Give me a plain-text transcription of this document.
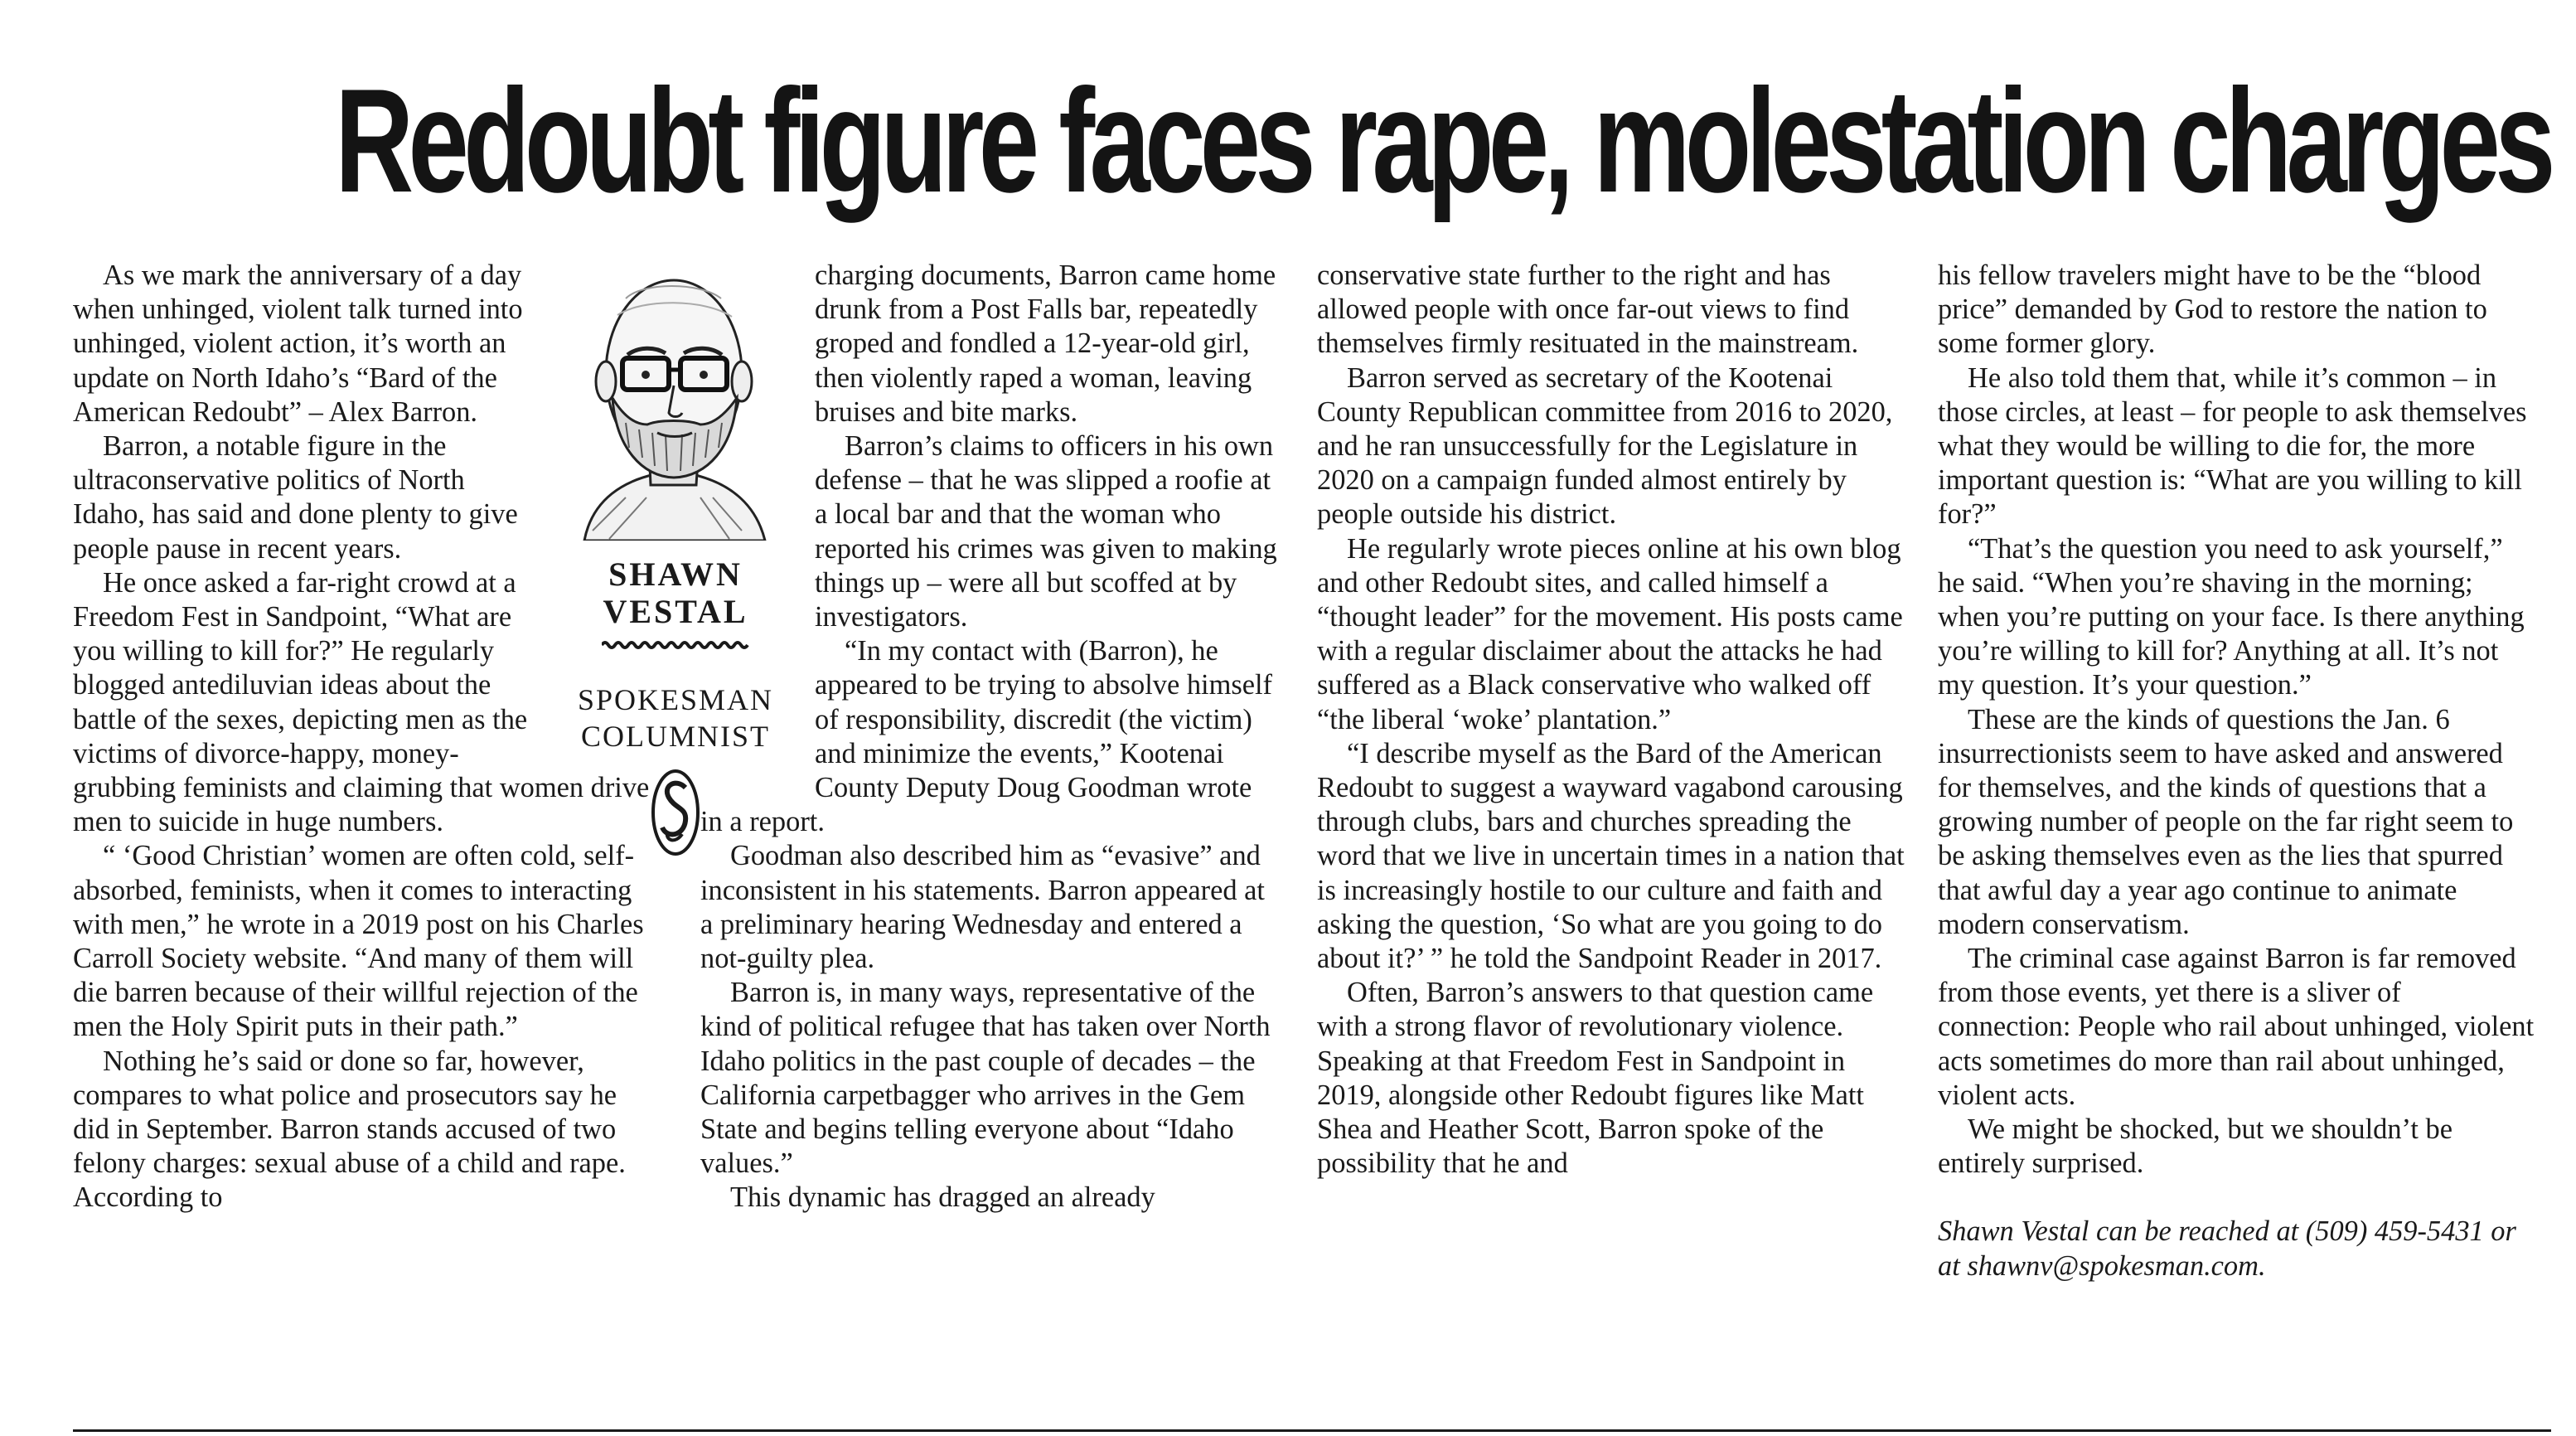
Redoubt figure faces rape, molestation charges
SHAWN
VESTAL
SPOKESMAN
COLUMNIST

As we mark the anniversary of a day when unhinged, violent talk turned into unhinged, violent action, it’s worth an update on North Idaho’s “Bard of the American Redoubt” – Alex Barron.

Barron, a notable figure in the ultraconservative politics of North Idaho, has said and done plenty to give people pause in recent years.

He once asked a far-right crowd at a Freedom Fest in Sandpoint, “What are you willing to kill for?” He regularly blogged antediluvian ideas about the battle of the sexes, depicting men as the victims of divorce-happy, money-grubbing feminists and claiming that women drive men to suicide in huge numbers.

“ ‘Good Christian’ women are often cold, self-absorbed, feminists, when it comes to interacting with men,” he wrote in a 2019 post on his Charles Carroll Society website. “And many of them will die barren because of their willful rejection of the men the Holy Spirit puts in their path.”

Nothing he’s said or done so far, however, compares to what police and prosecutors say he did in September. Barron stands accused of two felony charges: sexual abuse of a child and rape. According to

charging documents, Barron came home drunk from a Post Falls bar, repeatedly groped and fondled a 12-year-old girl, then violently raped a woman, leaving bruises and bite marks.

Barron’s claims to officers in his own defense – that he was slipped a roofie at a local bar and that the woman who reported his crimes was given to making things up – were all but scoffed at by investigators.

“In my contact with (Barron), he appeared to be trying to absolve himself of responsibility, discredit (the victim) and minimize the events,” Kootenai County Deputy Doug Goodman wrote in a report.

Goodman also described him as “evasive” and inconsistent in his statements. Barron appeared at a preliminary hearing Wednesday and entered a not-guilty plea.

Barron is, in many ways, representative of the kind of political refugee that has taken over North Idaho politics in the past couple of decades – the California carpetbagger who arrives in the Gem State and begins telling everyone about “Idaho values.”

This dynamic has dragged an already

conservative state further to the right and has allowed people with once far-out views to find themselves firmly resituated in the mainstream.

Barron served as secretary of the Kootenai County Republican committee from 2016 to 2020, and he ran unsuccessfully for the Legislature in 2020 on a campaign funded almost entirely by people outside his district.

He regularly wrote pieces online at his own blog and other Redoubt sites, and called himself a “thought leader” for the movement. His posts came with a regular disclaimer about the attacks he had suffered as a Black conservative who walked off “the liberal ‘woke’ plantation.”

“I describe myself as the Bard of the American Redoubt to suggest a wayward vagabond carousing through clubs, bars and churches spreading the word that we live in uncertain times in a nation that is increasingly hostile to our culture and faith and asking the question, ‘So what are you going to do about it?’ ” he told the Sandpoint Reader in 2017.

Often, Barron’s answers to that question came with a strong flavor of revolutionary violence. Speaking at that Freedom Fest in Sandpoint in 2019, alongside other Redoubt figures like Matt Shea and Heather Scott, Barron spoke of the possibility that he and

his fellow travelers might have to be the “blood price” demanded by God to restore the nation to some former glory.

He also told them that, while it’s common – in those circles, at least – for people to ask themselves what they would be willing to die for, the more important question is: “What are you willing to kill for?”

“That’s the question you need to ask yourself,” he said. “When you’re shaving in the morning; when you’re putting on your face. Is there anything you’re willing to kill for? Anything at all. It’s not my question. It’s your question.”

These are the kinds of questions the Jan. 6 insurrectionists seem to have asked and answered for themselves, and the kinds of questions that a growing number of people on the far right seem to be asking themselves even as the lies that spurred that awful day a year ago continue to animate modern conservatism.

The criminal case against Barron is far removed from those events, yet there is a sliver of connection: People who rail about unhinged, violent acts sometimes do more than rail about unhinged, violent acts.

We might be shocked, but we shouldn’t be entirely surprised.

Shawn Vestal can be reached at (509) 459-5431 or at shawnv@spokesman.com.
